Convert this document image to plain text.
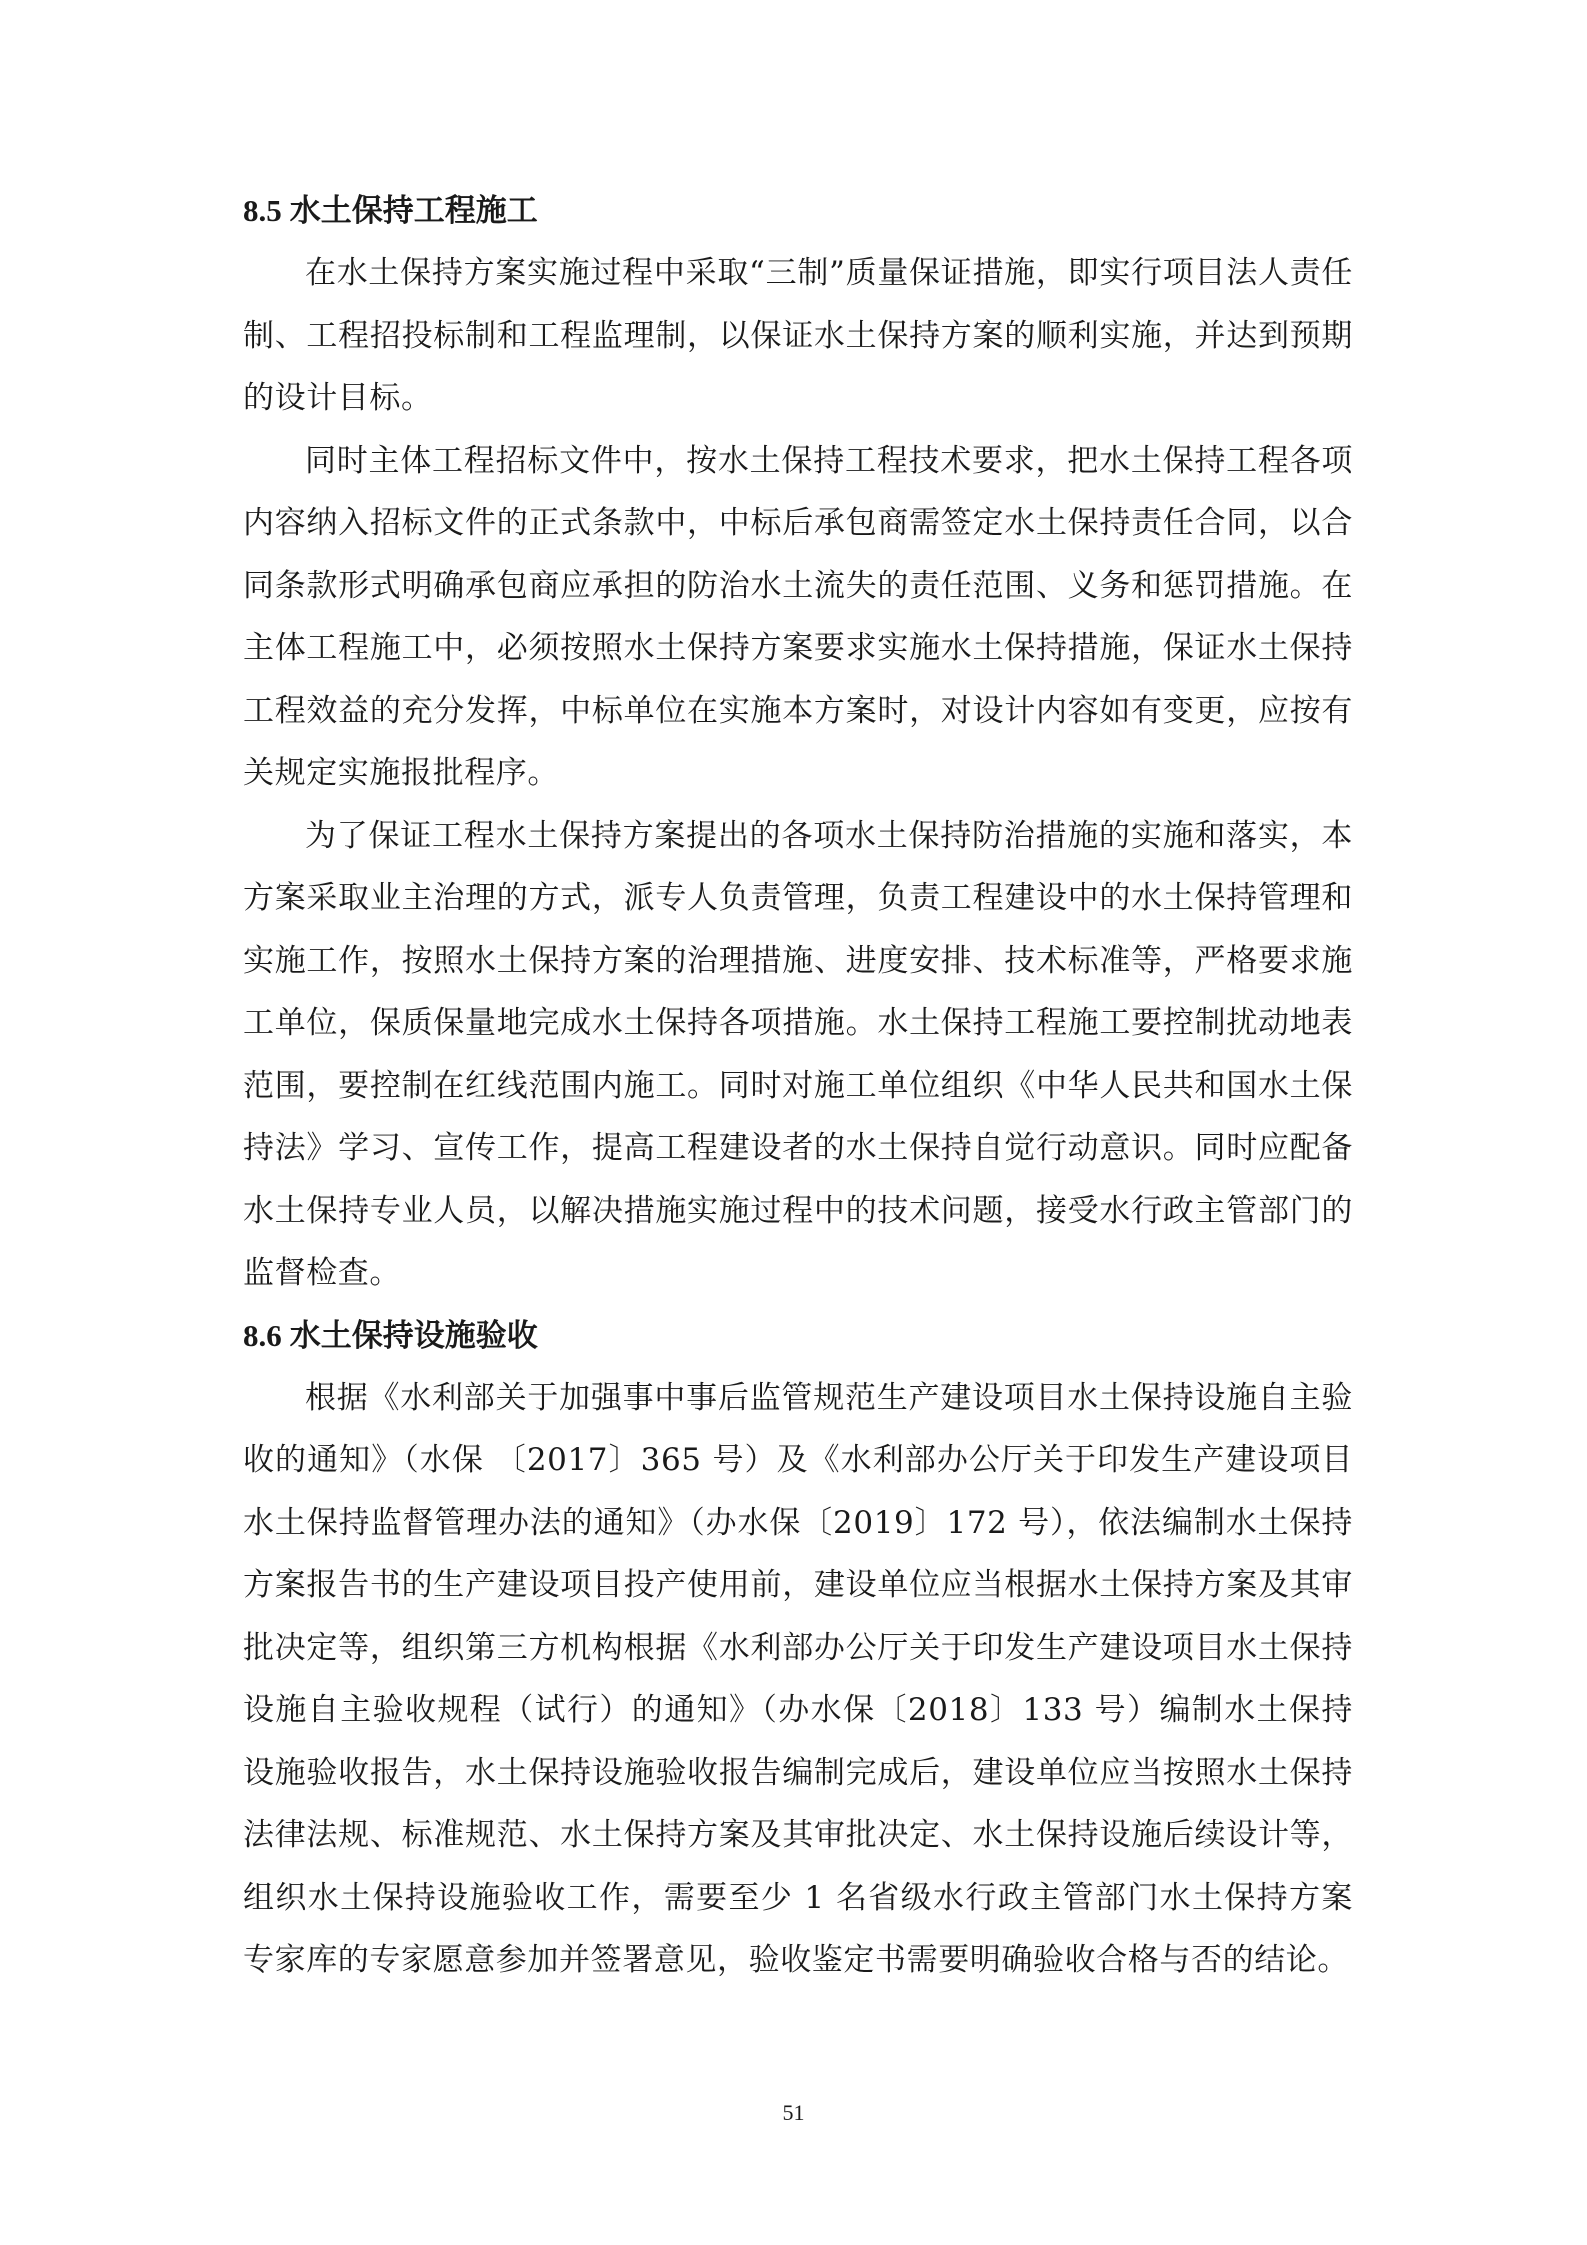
8.5 水土保持工程施工

在水土保持方案实施过程中采取“三制”质量保证措施，即实行项目法人责任制、工程招投标制和工程监理制，以保证水土保持方案的顺利实施，并达到预期的设计目标。

同时主体工程招标文件中，按水土保持工程技术要求，把水土保持工程各项内容纳入招标文件的正式条款中，中标后承包商需签定水土保持责任合同，以合同条款形式明确承包商应承担的防治水土流失的责任范围、义务和惩罚措施。在主体工程施工中，必须按照水土保持方案要求实施水土保持措施，保证水土保持工程效益的充分发挥，中标单位在实施本方案时，对设计内容如有变更，应按有关规定实施报批程序。

为了保证工程水土保持方案提出的各项水土保持防治措施的实施和落实，本方案采取业主治理的方式，派专人负责管理，负责工程建设中的水土保持管理和实施工作，按照水土保持方案的治理措施、进度安排、技术标准等，严格要求施工单位，保质保量地完成水土保持各项措施。水土保持工程施工要控制扰动地表范围，要控制在红线范围内施工。同时对施工单位组织《中华人民共和国水土保持法》学习、宣传工作，提高工程建设者的水土保持自觉行动意识。同时应配备水土保持专业人员，以解决措施实施过程中的技术问题，接受水行政主管部门的监督检查。

8.6 水土保持设施验收

根据《水利部关于加强事中事后监管规范生产建设项目水土保持设施自主验收的通知》（水保 〔2017〕365 号）及《水利部办公厅关于印发生产建设项目水土保持监督管理办法的通知》（办水保〔2019〕172 号），依法编制水土保持方案报告书的生产建设项目投产使用前，建设单位应当根据水土保持方案及其审批决定等，组织第三方机构根据《水利部办公厅关于印发生产建设项目水土保持设施自主验收规程（试行）的通知》（办水保〔2018〕133 号）编制水土保持设施验收报告，水土保持设施验收报告编制完成后，建设单位应当按照水土保持法律法规、标准规范、水土保持方案及其审批决定、水土保持设施后续设计等，组织水土保持设施验收工作，需要至少 1 名省级水行政主管部门水土保持方案专家库的专家愿意参加并签署意见，验收鉴定书需要明确验收合格与否的结论。

51
